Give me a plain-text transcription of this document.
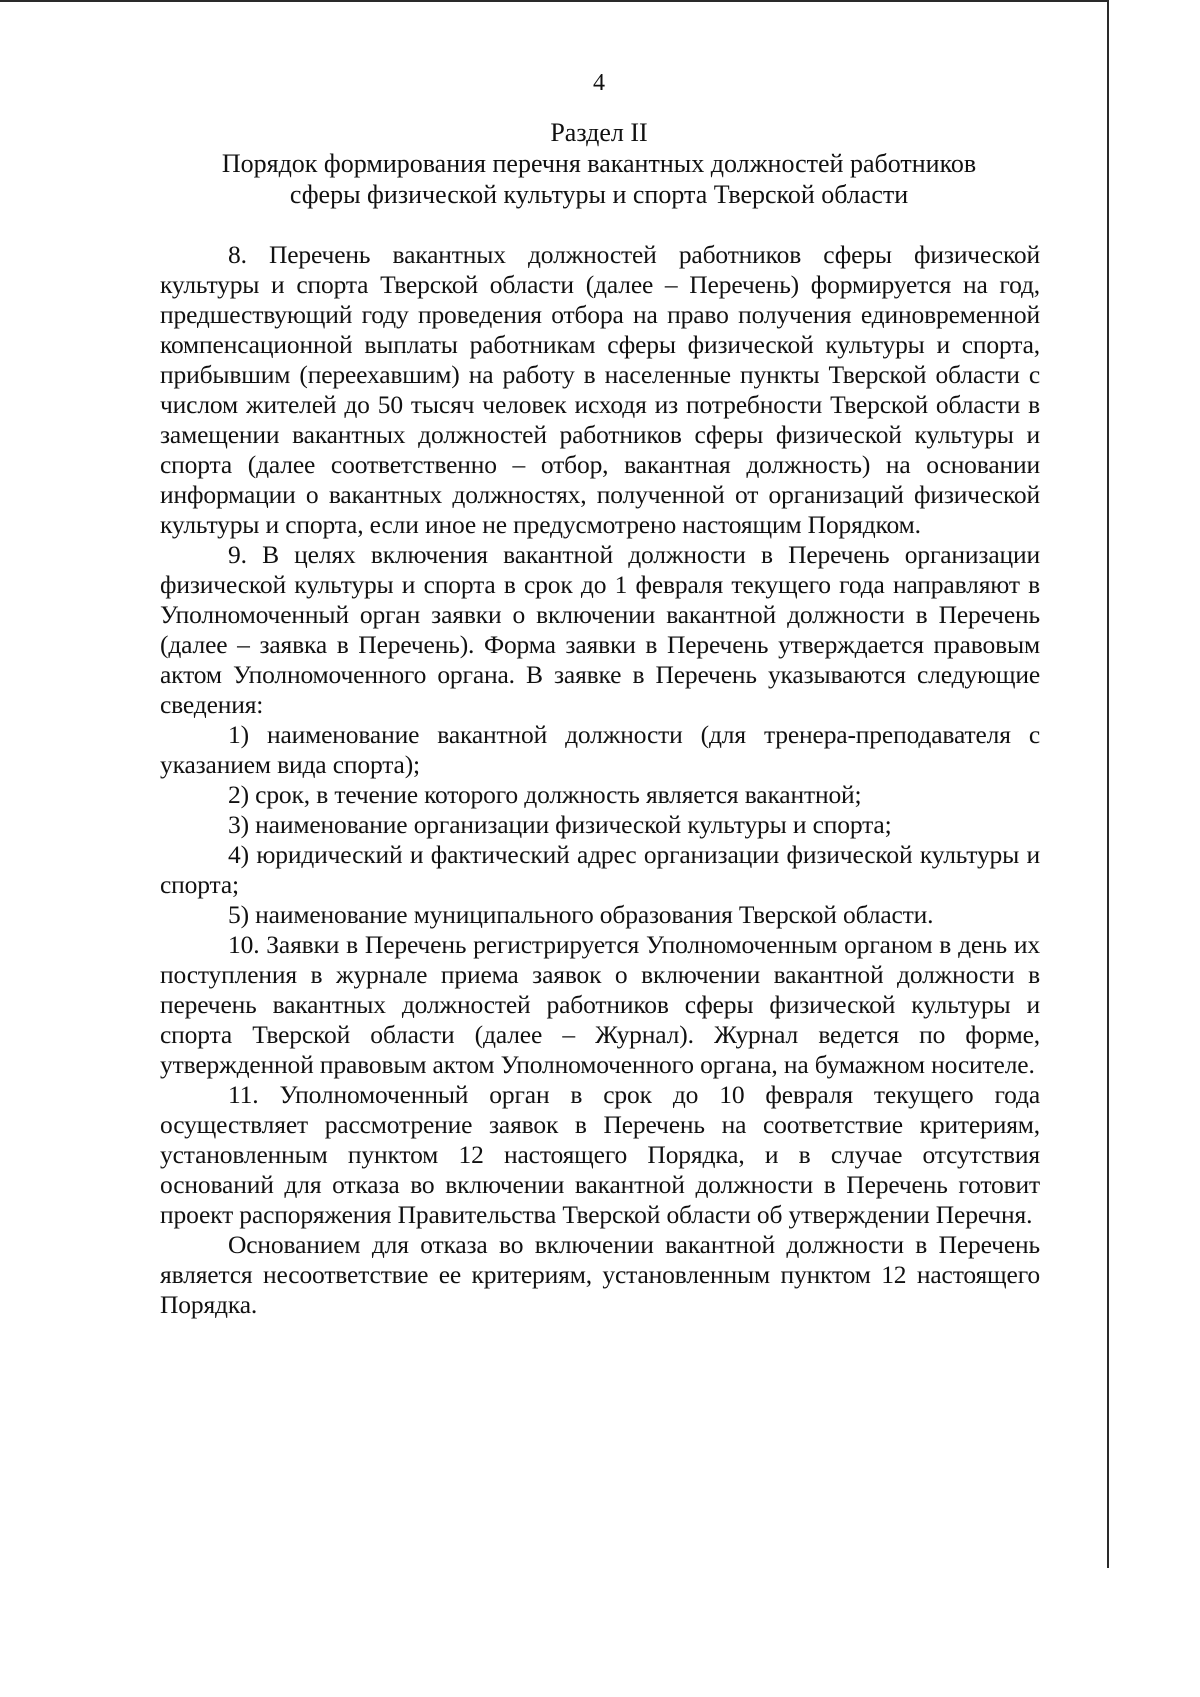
4
Раздел II
Порядок формирования перечня вакантных должностей работников
сферы физической культуры и спорта Тверской области

8. Перечень вакантных должностей работников сферы физической культуры и спорта Тверской области (далее – Перечень) формируется на год, предшествующий году проведения отбора на право получения единовременной компенсационной выплаты работникам сферы физической культуры и спорта, прибывшим (переехавшим) на работу в населенные пункты Тверской области с числом жителей до 50 тысяч человек исходя из потребности Тверской области в замещении вакантных должностей работников сферы физической культуры и спорта (далее соответственно – отбор, вакантная должность) на основании информации о вакантных должностях, полученной от организаций физической культуры и спорта, если иное не предусмотрено настоящим Порядком.

9. В целях включения вакантной должности в Перечень организации физической культуры и спорта в срок до 1 февраля текущего года направляют в Уполномоченный орган заявки о включении вакантной должности в Перечень (далее – заявка в Перечень). Форма заявки в Перечень утверждается правовым актом Уполномоченного органа. В заявке в Перечень указываются следующие сведения:

1) наименование вакантной должности (для тренера-преподавателя с указанием вида спорта);

2) срок, в течение которого должность является вакантной;

3) наименование организации физической культуры и спорта;

4) юридический и фактический адрес организации физической культуры и спорта;

5) наименование муниципального образования Тверской области.

10. Заявки в Перечень регистрируется Уполномоченным органом в день их поступления в журнале приема заявок о включении вакантной должности в перечень вакантных должностей работников сферы физической культуры и спорта Тверской области (далее – Журнал). Журнал ведется по форме, утвержденной правовым актом Уполномоченного органа, на бумажном носителе.

11. Уполномоченный орган в срок до 10 февраля текущего года осуществляет рассмотрение заявок в Перечень на соответствие критериям, установленным пунктом 12 настоящего Порядка, и в случае отсутствия оснований для отказа во включении вакантной должности в Перечень готовит проект распоряжения Правительства Тверской области об утверждении Перечня.

Основанием для отказа во включении вакантной должности в Перечень является несоответствие ее критериям, установленным пунктом 12 настоящего Порядка.
